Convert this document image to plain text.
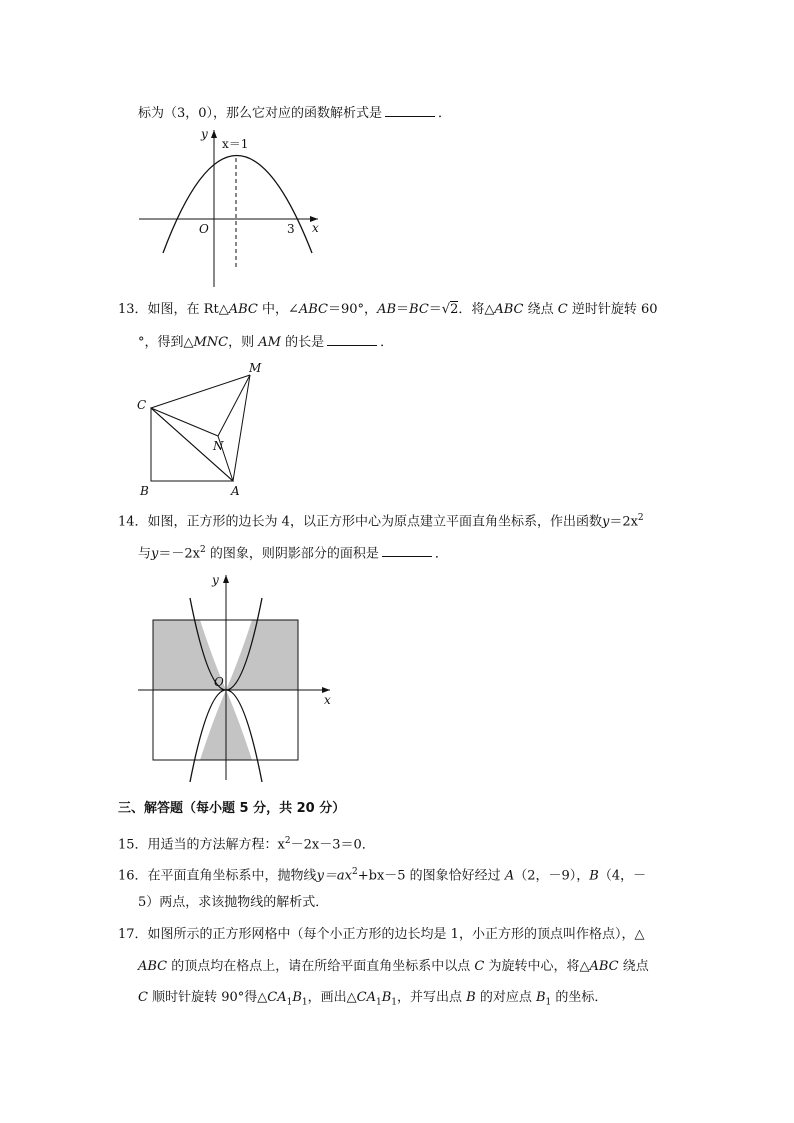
标为（3，0），那么它对应的函数解析式是	．
y
x＝1
O	3 x
13．如图，在 Rt△ABC 中，∠ABC＝90°，AB＝BC＝√2．将△ABC 绕点 C 逆时针旋转 60
°，得到△MNC，则 AM 的长是	．
C
M
N
B	A
14．如图，正方形的边长为 4，以正方形中心为原点建立平面直角坐标系，作出函数$y=2x^2$
与$y=-2x^2$ 的图象，则阴影部分的面积是	．
y
O
x
三、解答题（每小题 5 分，共 20 分）
15．用适当的方法解方程：$x^2-2x-3=0$．
16．在平面直角坐标系中，抛物线$y=ax^2+bx-5$ 的图象恰好经过 A（2，－9），B（4，－
5）两点，求该抛物线的解析式．
17．如图所示的正方形网格中（每个小正方形的边长均是 1，小正方形的顶点叫作格点），△
ABC 的顶点均在格点上，请在所给平面直角坐标系中以点 C 为旋转中心，将△ABC 绕点
C 顺时针旋转 90°得$\triangle CA_1B_1$，画出$\triangle CA_1B_1$，并写出点 B 的对应点 $B_1$ 的坐标．
